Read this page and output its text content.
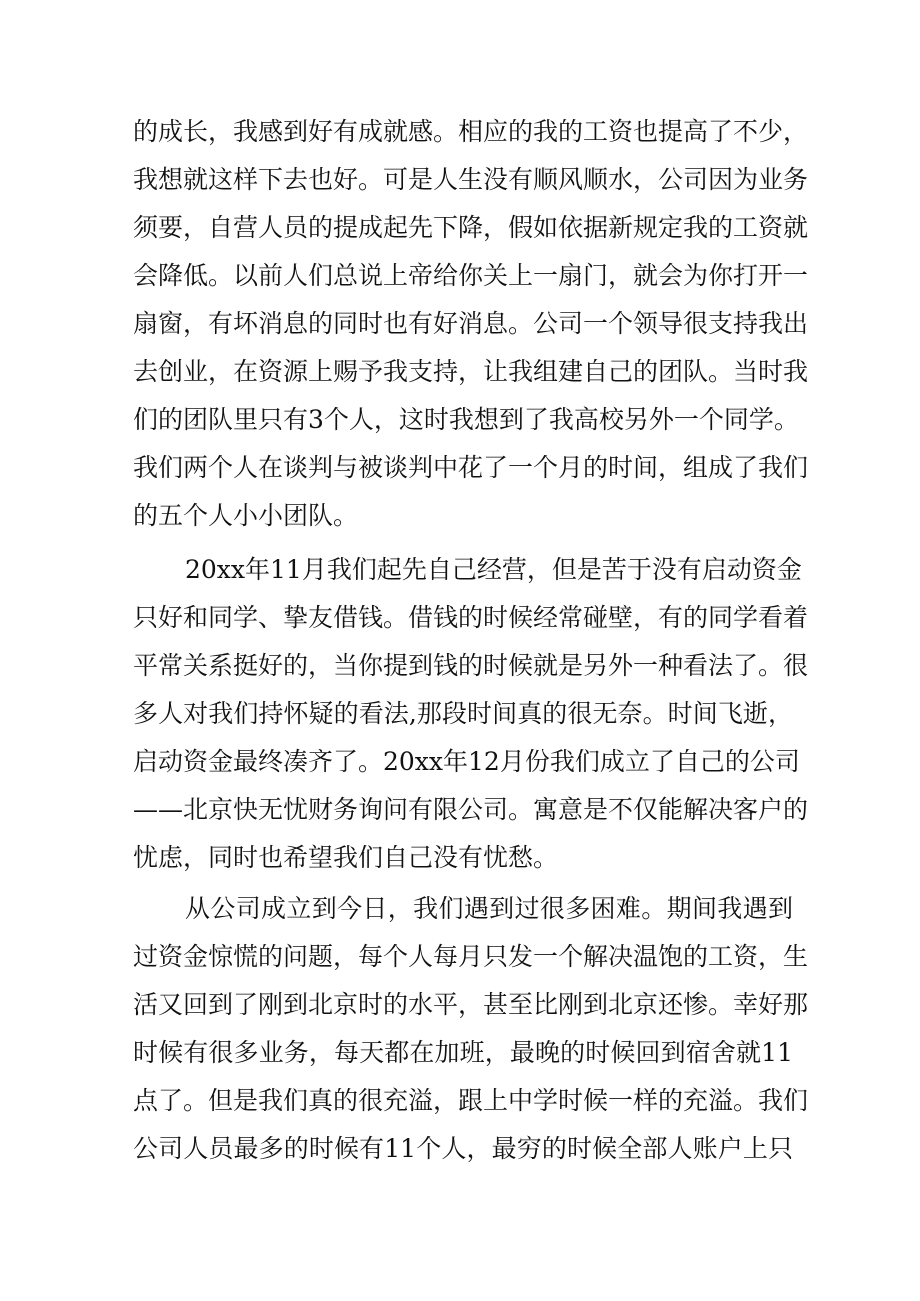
的成长，我感到好有成就感。相应的我的工资也提高了不少，
我想就这样下去也好。可是人生没有顺风顺水，公司因为业务
须要，自营人员的提成起先下降，假如依据新规定我的工资就
会降低。以前人们总说上帝给你关上一扇门，就会为你打开一
扇窗，有坏消息的同时也有好消息。公司一个领导很支持我出
去创业，在资源上赐予我支持，让我组建自己的团队。当时我
们的团队里只有3个人，这时我想到了我高校另外一个同学。
我们两个人在谈判与被谈判中花了一个月的时间，组成了我们
的五个人小小团队。
20xx年11月我们起先自己经营，但是苦于没有启动资金
只好和同学、挚友借钱。借钱的时候经常碰壁，有的同学看着
平常关系挺好的，当你提到钱的时候就是另外一种看法了。很
多人对我们持怀疑的看法,那段时间真的很无奈。时间飞逝，
启动资金最终凑齐了。20xx年12月份我们成立了自己的公司
——北京快无忧财务询问有限公司。寓意是不仅能解决客户的
忧虑，同时也希望我们自己没有忧愁。
从公司成立到今日，我们遇到过很多困难。期间我遇到
过资金惊慌的问题，每个人每月只发一个解决温饱的工资，生
活又回到了刚到北京时的水平，甚至比刚到北京还惨。幸好那
时候有很多业务，每天都在加班，最晚的时候回到宿舍就11
点了。但是我们真的很充溢，跟上中学时候一样的充溢。我们
公司人员最多的时候有11个人，最穷的时候全部人账户上只
